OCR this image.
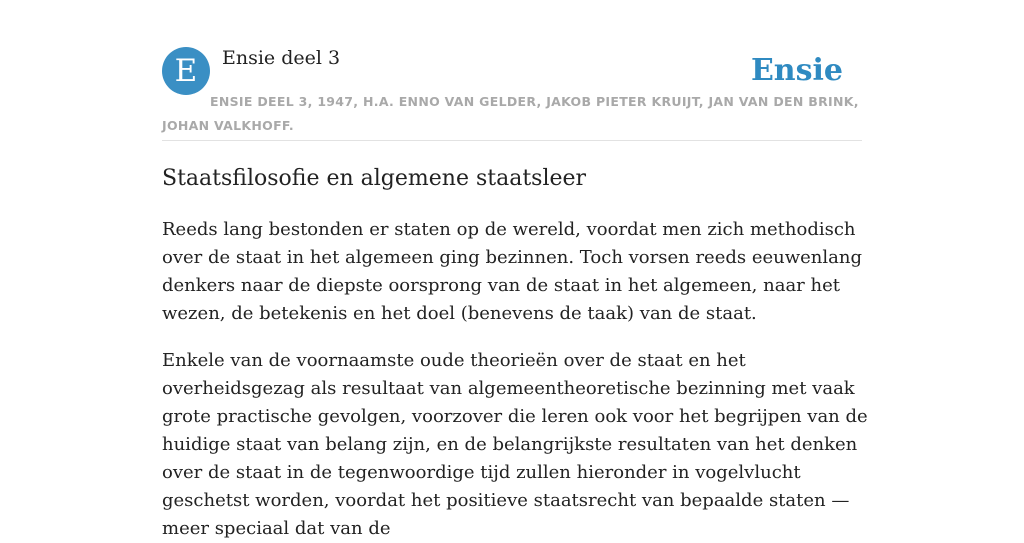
E	Ensie deel 3	Ensie
ENSIE DEEL 3, 1947, H.A. ENNO VAN GELDER, JAKOB PIETER KRUIJT, JAN VAN DEN BRINK, JOHAN VALKHOFF.
Staatsfilosofie en algemene staatsleer

Reeds lang bestonden er staten op de wereld, voordat men zich methodisch over de staat in het algemeen ging bezinnen. Toch vorsen reeds eeuwenlang denkers naar de diepste oorsprong van de staat in het algemeen, naar het wezen, de betekenis en het doel (benevens de taak) van de staat.

Enkele van de voornaamste oude theorieën over de staat en het overheidsgezag als resultaat van algemeentheoretische bezinning met vaak grote practische gevolgen, voorzover die leren ook voor het begrijpen van de huidige staat van belang zijn, en de belangrijkste resultaten van het denken over de staat in de tegenwoordige tijd zullen hieronder in vogelvlucht geschetst worden, voordat het positieve staatsrecht van bepaalde staten — meer speciaal dat van de
